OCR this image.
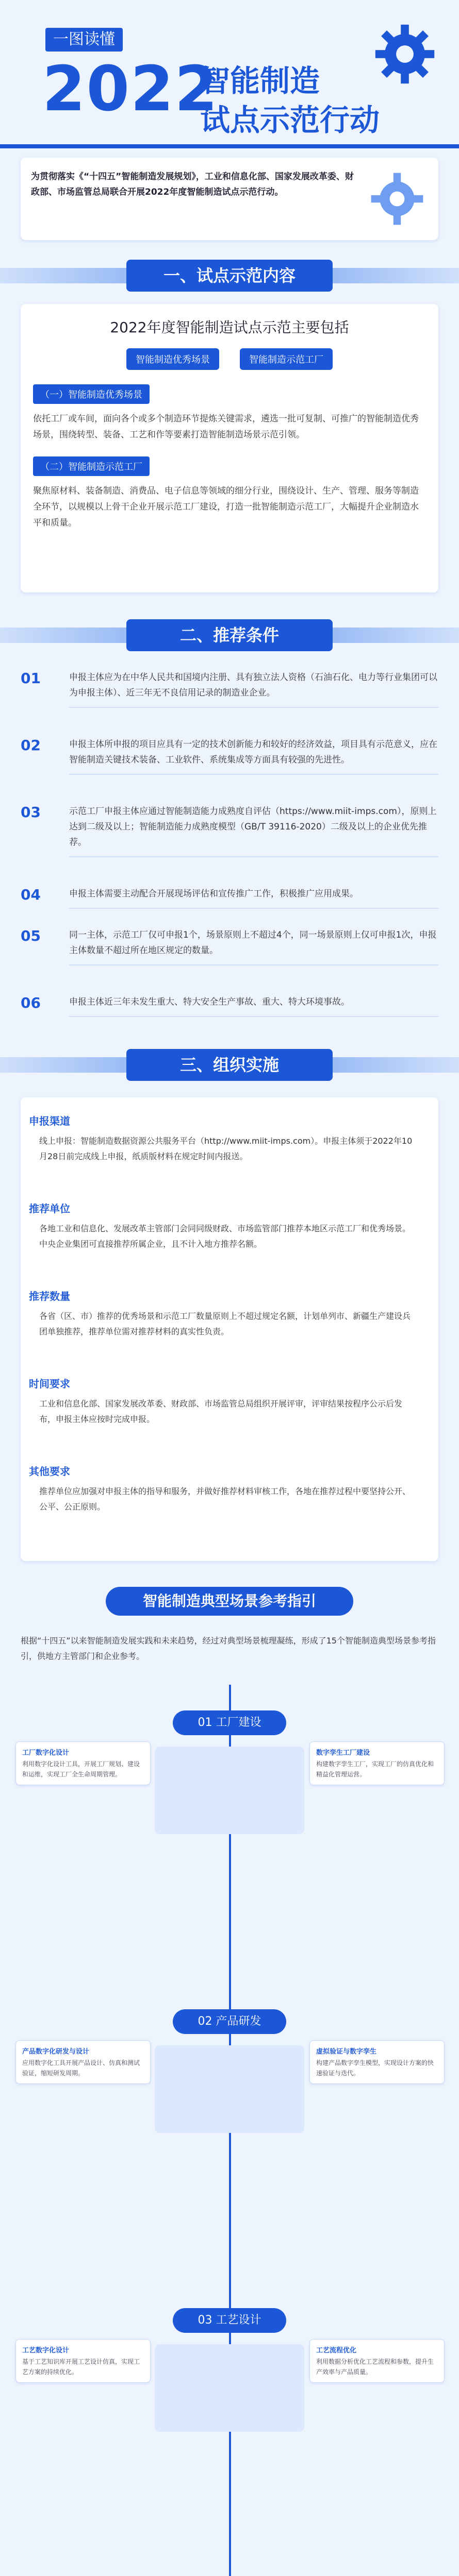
一图读懂
2022
智能制造
试点示范行动

为贯彻落实《“十四五”智能制造发展规划》，工业和信息化部、国家发展改革委、财政部、市场监管总局联合开展2022年度智能制造试点示范行动。

一、试点示范内容
2022年度智能制造试点示范主要包括
智能制造优秀场景	智能制造示范工厂
（一）智能制造优秀场景
依托工厂或车间，面向各个或多个制造环节提炼关键需求，遴选一批可复制、可推广的智能制造优秀场景，围绕转型、装备、工艺和作等要素打造智能制造场景示范引领。
（二）智能制造示范工厂
聚焦原材料、装备制造、消费品、电子信息等领域的细分行业，围绕设计、生产、管理、服务等制造全环节，以规模以上骨干企业开展示范工厂建设，打造一批智能制造示范工厂，大幅提升企业制造水平和质量。
二、推荐条件
01	申报主体应为在中华人民共和国境内注册、具有独立法人资格（石油石化、电力等行业集团可以为申报主体）、近三年无不良信用记录的制造业企业。
02	申报主体所申报的项目应具有一定的技术创新能力和较好的经济效益，项目具有示范意义，应在智能制造关键技术装备、工业软件、系统集成等方面具有较强的先进性。
03	示范工厂申报主体应通过智能制造能力成熟度自评估（https://www.miit-imps.com），原则上达到二级及以上；智能制造能力成熟度模型（GB/T 39116-2020）二级及以上的企业优先推荐。
04	申报主体需要主动配合开展现场评估和宣传推广工作，积极推广应用成果。
05	同一主体，示范工厂仅可申报1个，场景原则上不超过4个，同一场景原则上仅可申报1次，申报主体数量不超过所在地区规定的数量。
06	申报主体近三年未发生重大、特大安全生产事故、重大、特大环境事故。
三、组织实施
申报渠道
线上申报：智能制造数据资源公共服务平台（http://www.miit-imps.com）。申报主体须于2022年10月28日前完成线上申报，纸质版材料在规定时间内报送。
推荐单位
各地工业和信息化、发展改革主管部门会同同级财政、市场监管部门推荐本地区示范工厂和优秀场景。中央企业集团可直接推荐所属企业，且不计入地方推荐名额。
推荐数量
各省（区、市）推荐的优秀场景和示范工厂数量原则上不超过规定名额，计划单列市、新疆生产建设兵团单独推荐，推荐单位需对推荐材料的真实性负责。
时间要求
工业和信息化部、国家发展改革委、财政部、市场监管总局组织开展评审，评审结果按程序公示后发布，申报主体应按时完成申报。
其他要求
推荐单位应加强对申报主体的指导和服务，并做好推荐材料审核工作，各地在推荐过程中要坚持公开、公平、公正原则。
智能制造典型场景参考指引
根据“十四五”以来智能制造发展实践和未来趋势，经过对典型场景梳理凝练，形成了15个智能制造典型场景参考指引，供地方主管部门和企业参考。
01 工厂建设
工厂数字化设计
利用数字化设计工具，开展工厂规划、建设和运维，实现工厂全生命周期管理。
数字孪生工厂建设
构建数字孪生工厂，实现工厂的仿真优化和精益化管理运营。
02 产品研发
产品数字化研发与设计
应用数字化工具开展产品设计、仿真和测试验证，缩短研发周期。
虚拟验证与数字孪生
构建产品数字孪生模型，实现设计方案的快速验证与迭代。
03 工艺设计
工艺数字化设计
基于工艺知识库开展工艺设计仿真，实现工艺方案的持续优化。
工艺流程优化
利用数据分析优化工艺流程和参数，提升生产效率与产品质量。
